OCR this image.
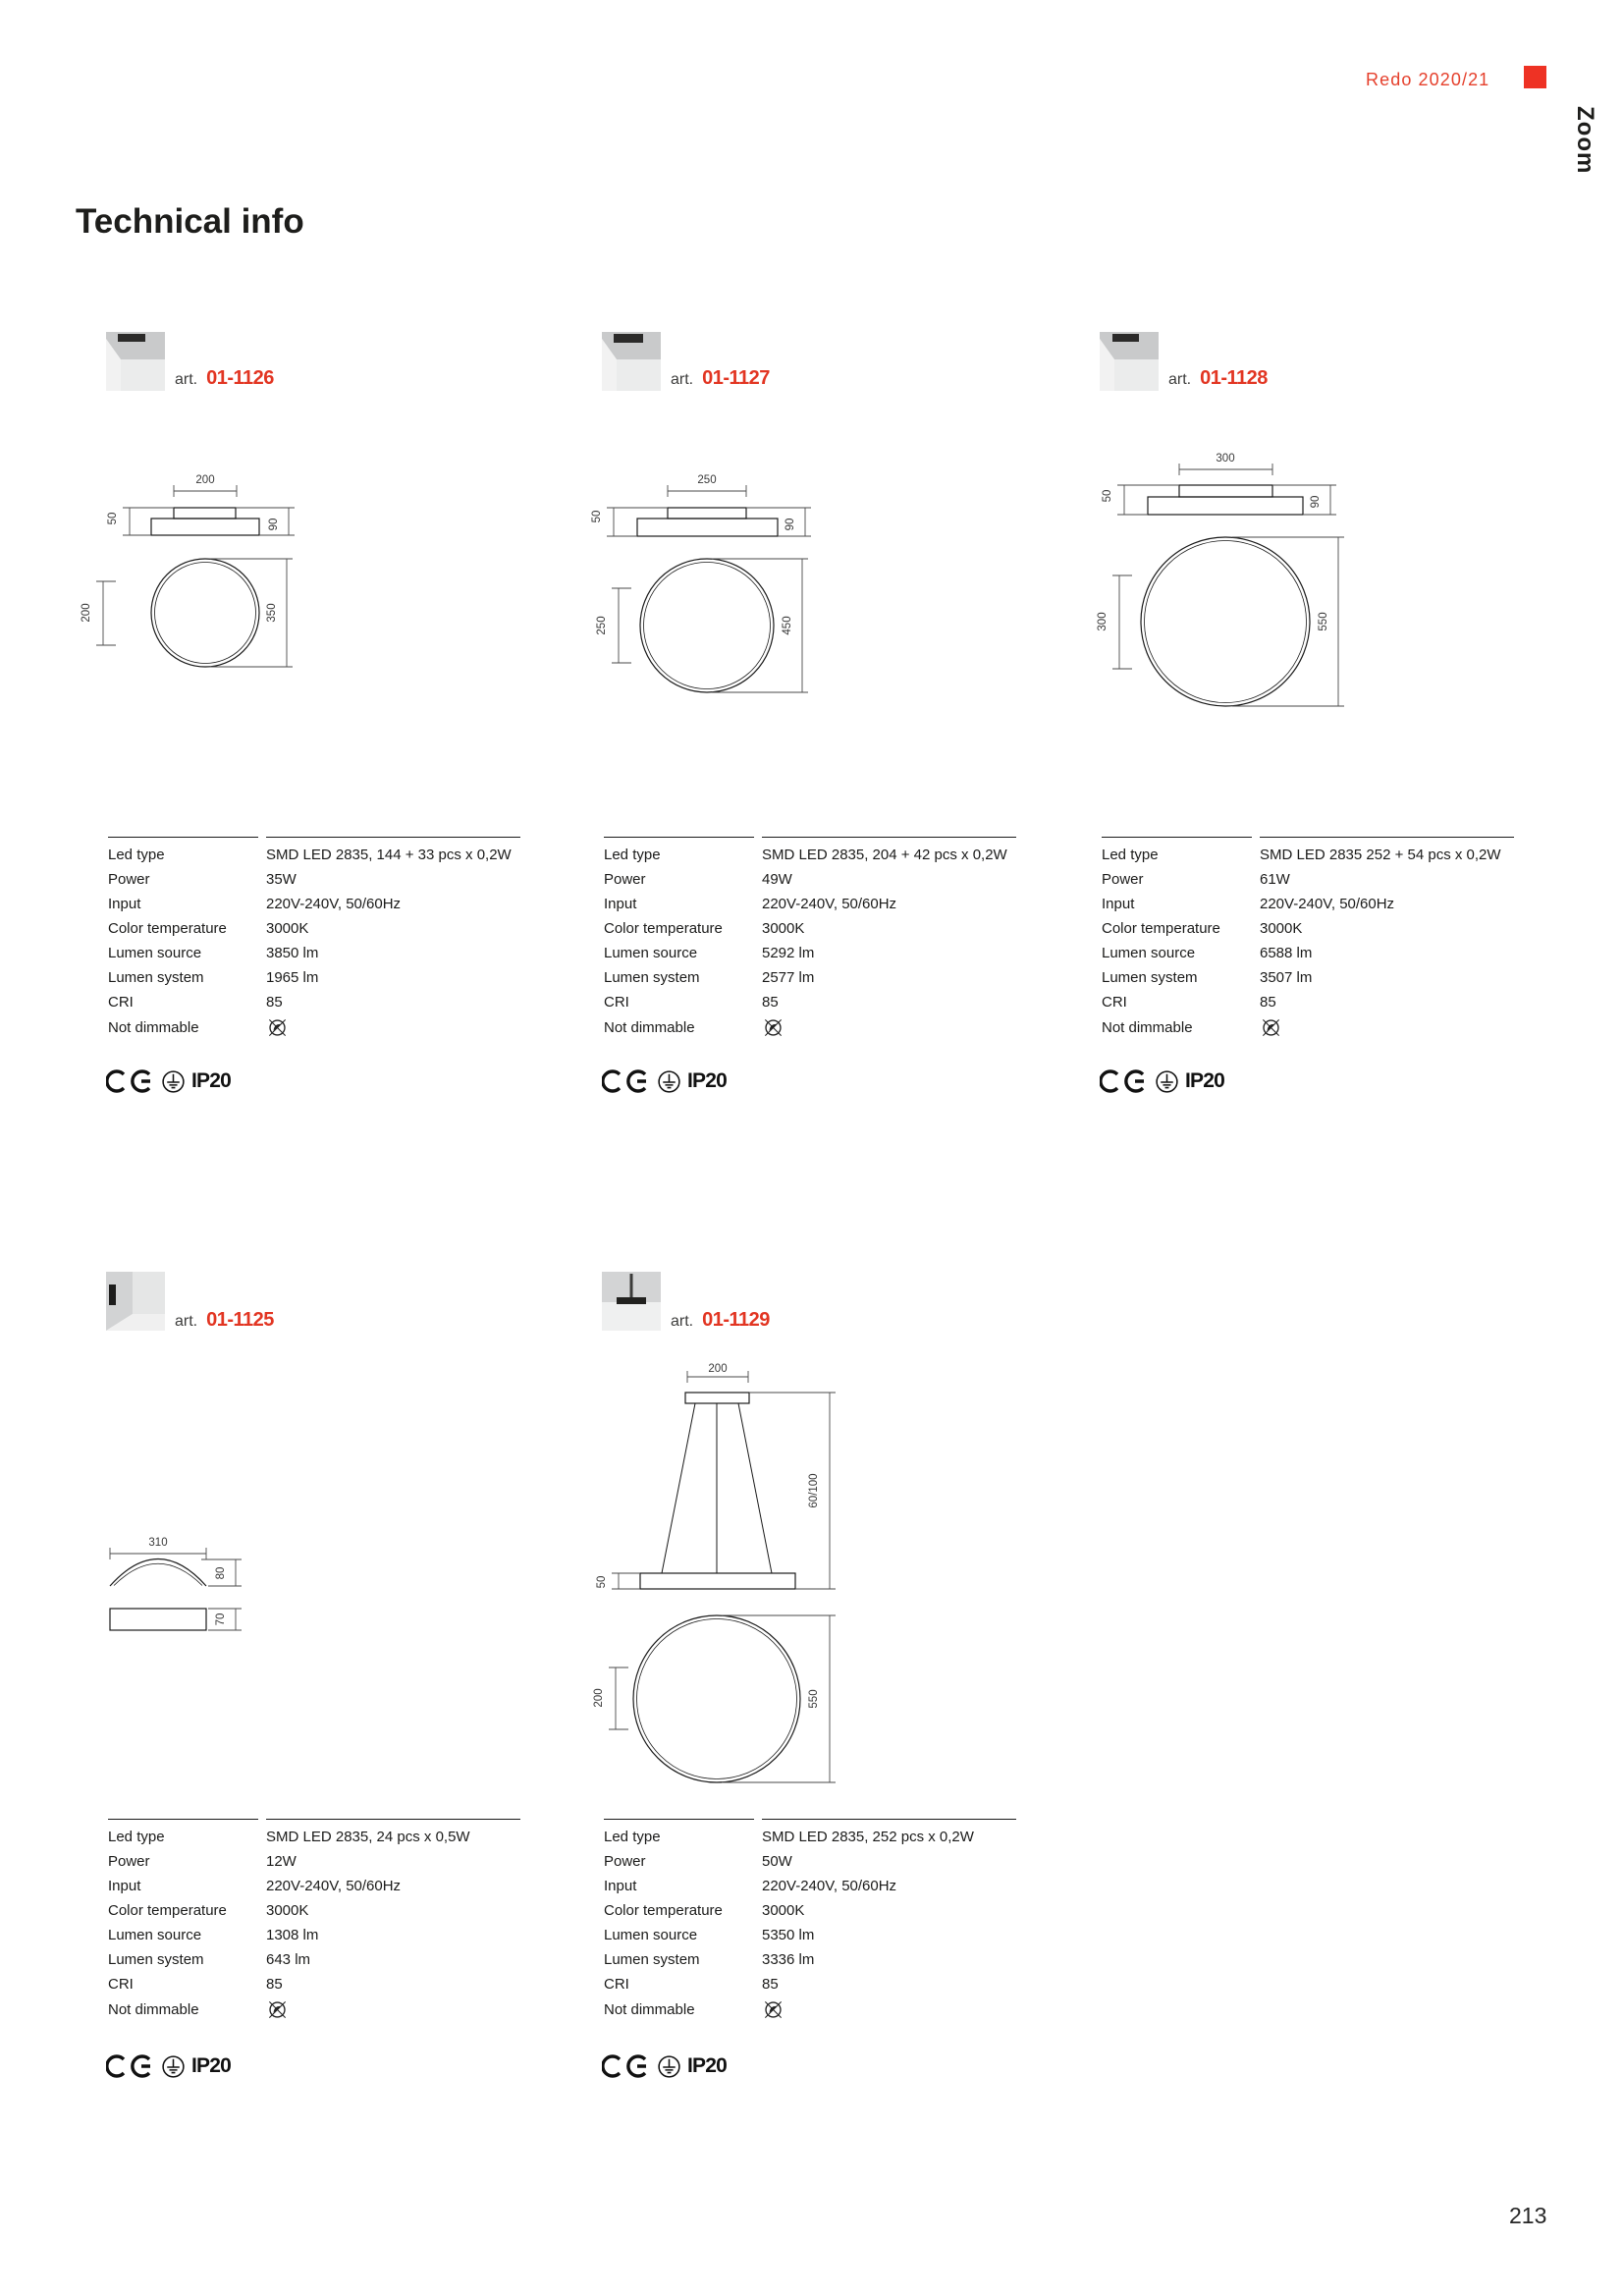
Redo 2020/21
Zoom
Technical info
art. 01-1126
200
50	90
200	350
Led type	SMD LED 2835, 144 + 33 pcs x 0,2W
Power	35W
Input	220V-240V, 50/60Hz
Color temperature	3000K
Lumen source	3850 lm
Lumen system	1965 lm
CRI	85
Not dimmable
IP20
art. 01-1127
250
50
90
250	450
Led type	SMD LED 2835, 204 + 42 pcs x 0,2W
Power	49W
Input	220V-240V, 50/60Hz
Color temperature	3000K
Lumen source	5292 lm
Lumen system	2577 lm
CRI	85
Not dimmable
IP20
art. 01-1128
300
50	90
300	550
Led type	SMD LED 2835 252 + 54 pcs x 0,2W
Power	61W
Input	220V-240V, 50/60Hz
Color temperature	3000K
Lumen source	6588 lm
Lumen system	3507 lm
CRI	85
Not dimmable
IP20
art. 01-1125
310
80
70
Led type	SMD LED 2835, 24 pcs x 0,5W
Power	12W
Input	220V-240V, 50/60Hz
Color temperature	3000K
Lumen source	1308 lm
Lumen system	643 lm
CRI	85
Not dimmable
IP20
art. 01-1129
200
60/100
50
200	550
Led type	SMD LED 2835, 252 pcs x 0,2W
Power	50W
Input	220V-240V, 50/60Hz
Color temperature	3000K
Lumen source	5350 lm
Lumen system	3336 lm
CRI	85
Not dimmable
IP20
213
